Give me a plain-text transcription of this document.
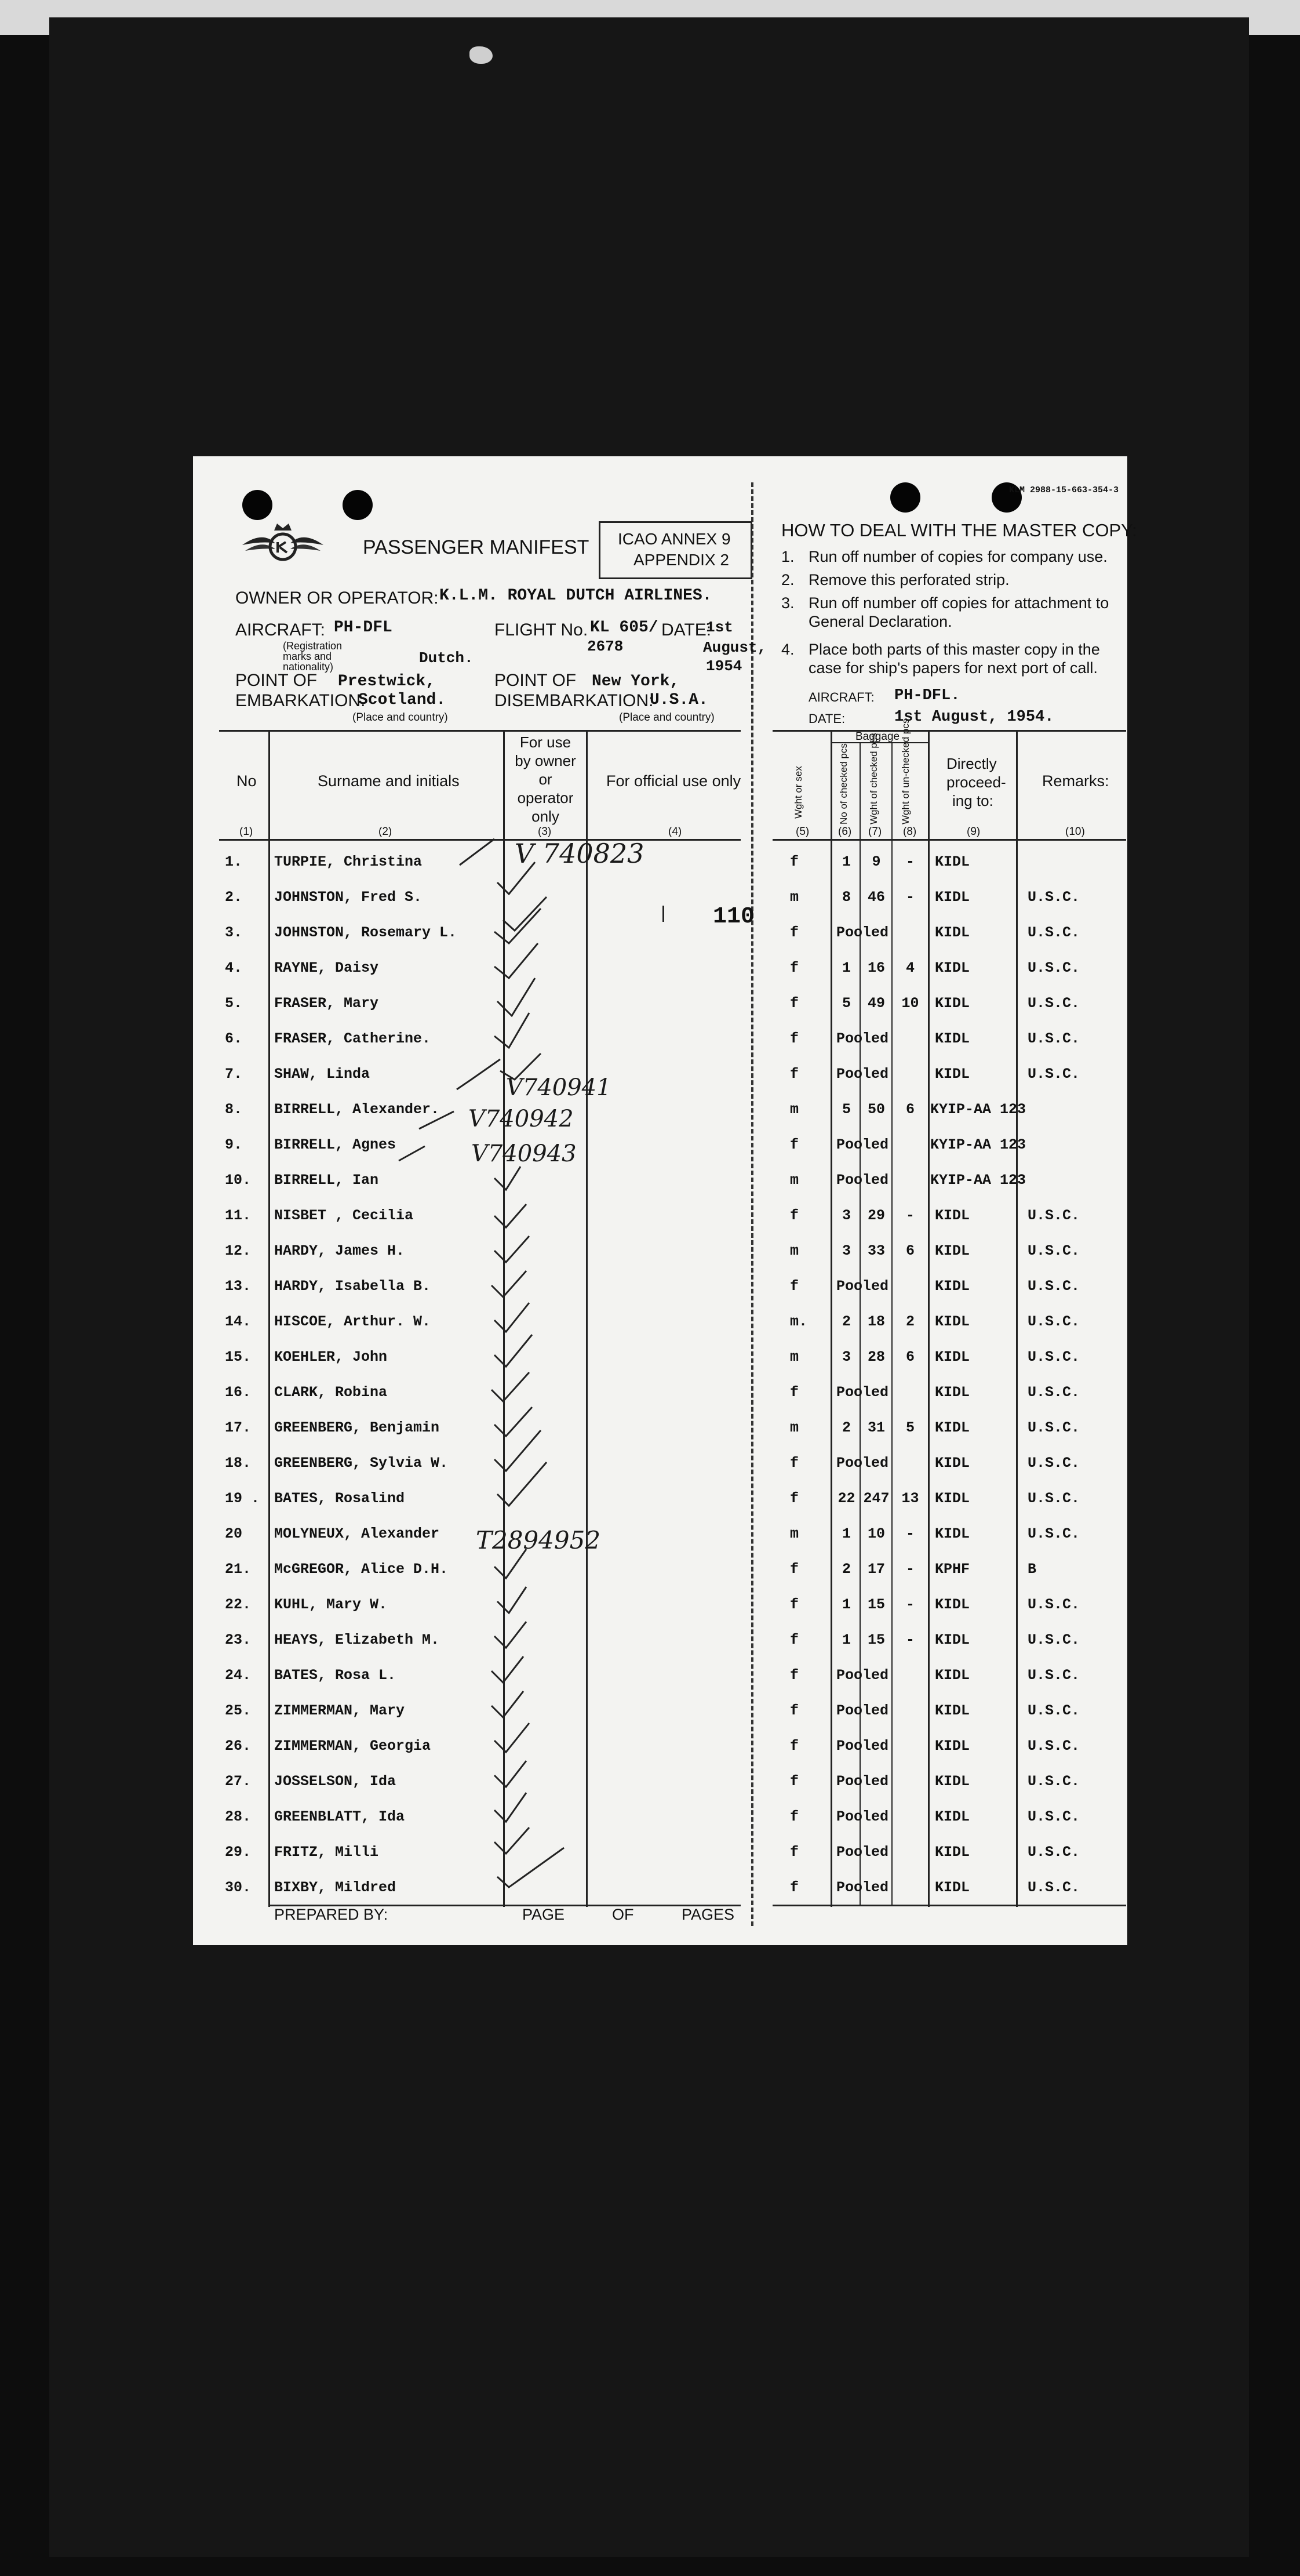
KLM 2988-15-663-354-3
PASSENGER MANIFEST ICAO ANNEX 9
APPENDIX 2
OWNER OR OPERATOR: K.L.M. ROYAL DUTCH AIRLINES.
AIRCRAFT: PH-DFL
(Registration marks and nationality)	Dutch.
FLIGHT No. KL 605/
2678
DATE:
1st
August,
1954
POINT OF
EMBARKATION:
Prestwick,
Scotland.
(Place and country)
POINT OF
DISEMBARKATION:
New York,
U.S.A.
(Place and country)
HOW TO DEAL WITH THE MASTER COPY:
1. Run off number of copies for company use.
2. Remove this perforated strip.
3. Run off number off copies for attachment to
General Declaration.
4. Place both parts of this master copy in the
case for ship's papers for next port of call.
AIRCRAFT: PH-DFL.
DATE:	1st August, 1954.
No	Surname and initials
For use
by owner
or
operator
only
For official use only	Wght or sex
Baggage
No of checked pcs Wght of checked pcs Wght of un-checked pcs Directly
proceed-
ing to:
Remarks:
(1)	(2)	(3)	(4)	(5)	(6) (7) (8)	(9)	(10)
1. TURPIE, Christina	f	1	9	-	KIDL
2. JOHNSTON, Fred S.	m	8	46	-	KIDL	U.S.C.
3. JOHNSTON, Rosemary L.	f	Pooled	KIDL	U.S.C.
4. RAYNE, Daisy	f	1	16	4	KIDL	U.S.C.
5. FRASER, Mary	f	5	49	10	KIDL	U.S.C.
6. FRASER, Catherine.	f	Pooled	KIDL	U.S.C.
7. SHAW, Linda	f	Pooled	KIDL	U.S.C.
8. BIRRELL, Alexander.	m	5	50	6	KYIP-AA 123
9. BIRRELL, Agnes	f	Pooled	KYIP-AA 123
10. BIRRELL, Ian	m	Pooled	KYIP-AA 123
11. NISBET , Cecilia	f	3	29	-	KIDL	U.S.C.
12. HARDY, James H.	m	3	33	6	KIDL	U.S.C.
13. HARDY, Isabella B.	f	Pooled	KIDL	U.S.C.
14. HISCOE, Arthur. W.	m.	2	18	2	KIDL	U.S.C.
15. KOEHLER, John	m	3	28	6	KIDL	U.S.C.
16. CLARK, Robina	f	Pooled	KIDL	U.S.C.
17. GREENBERG, Benjamin	m	2	31	5	KIDL	U.S.C.
18. GREENBERG, Sylvia W.	f	Pooled	KIDL	U.S.C.
19 . BATES, Rosalind	f	22 247 13	KIDL	U.S.C.
20 MOLYNEUX, Alexander	m	1	10	-	KIDL	U.S.C.
21. McGREGOR, Alice D.H.	f	2	17	-	KPHF	B
22. KUHL, Mary W.	f	1	15	-	KIDL	U.S.C.
23. HEAYS, Elizabeth M.	f	1	15	-	KIDL	U.S.C.
24. BATES, Rosa L.	f	Pooled	KIDL	U.S.C.
25. ZIMMERMAN, Mary	f	Pooled	KIDL	U.S.C.
26. ZIMMERMAN, Georgia	f	Pooled	KIDL	U.S.C.
27. JOSSELSON, Ida	f	Pooled	KIDL	U.S.C.
28. GREENBLATT, Ida	f	Pooled	KIDL	U.S.C.
29. FRITZ, Milli	f	Pooled	KIDL	U.S.C.
30. BIXBY, Mildred	f	Pooled	KIDL	U.S.C.
110
V 740823
V740941
V740942
V740943
T2894952
PREPARED BY:	PAGE	OF	PAGES
